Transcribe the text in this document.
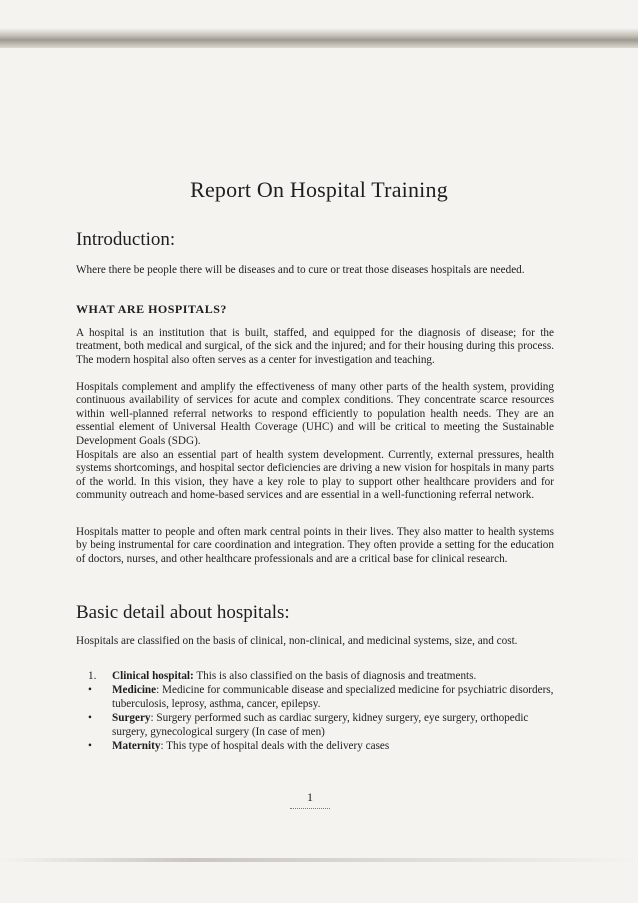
Report On Hospital Training
Introduction:
Where there be people there will be diseases and to cure or treat those diseases hospitals are needed.
WHAT ARE HOSPITALS?
A hospital is an institution that is built, staffed, and equipped for the diagnosis of disease; for the treatment, both medical and surgical, of the sick and the injured; and for their housing during this process. The modern hospital also often serves as a center for investigation and teaching.
Hospitals complement and amplify the effectiveness of many other parts of the health system, providing continuous availability of services for acute and complex conditions. They concentrate scarce resources within well-planned referral networks to respond efficiently to population health needs. They are an essential element of Universal Health Coverage (UHC) and will be critical to meeting the Sustainable Development Goals (SDG).
Hospitals are also an essential part of health system development. Currently, external pressures, health systems shortcomings, and hospital sector deficiencies are driving a new vision for hospitals in many parts of the world. In this vision, they have a key role to play to support other healthcare providers and for community outreach and home-based services and are essential in a well-functioning referral network.
Hospitals matter to people and often mark central points in their lives. They also matter to health systems by being instrumental for care coordination and integration. They often provide a setting for the education of doctors, nurses, and other healthcare professionals and are a critical base for clinical research.
Basic detail about hospitals:
Hospitals are classified on the basis of clinical, non-clinical, and medicinal systems, size, and cost.
1.	Clinical hospital: This is also classified on the basis of diagnosis and treatments.
•	Medicine: Medicine for communicable disease and specialized medicine for psychiatric disorders, tuberculosis, leprosy, asthma, cancer, epilepsy.
•	Surgery: Surgery performed such as cardiac surgery, kidney surgery, eye surgery, orthopedic surgery, gynecological surgery (In case of men)
•	Maternity: This type of hospital deals with the delivery cases
1
